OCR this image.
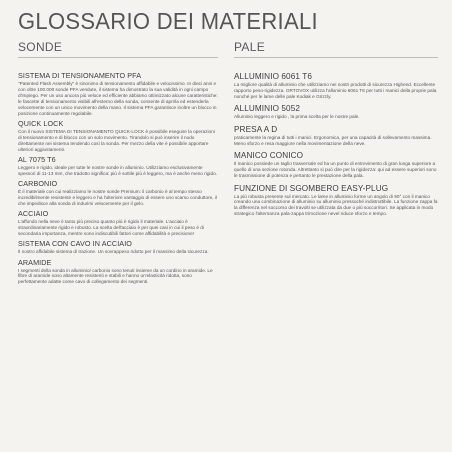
GLOSSARIO DEI MATERIALI
SONDE
SISTEMA DI TENSIONAMENTO PFA
"Patented Flash Assembly" è sinonimo di tensionamento affidabile e velocissimo. In dieci anni e con oltre 100.000 sonde PFA vendute, il sistema ha dimostrato la sua validità in ogni campo d'impiego. Per un uso ancora più veloce ed efficiente abbiamo ottimizzato alcune caratteristiche: le fascette di tensionamento visibili all'esterno della sonda, consente di aprirla ed estenderla velocemente con un unico movimento della mano. Il sistema PFA garantisce inoltre un blocco in posizione continuamente regolabile.
QUICK LOCK
Con il nuovo SISTEMA DI TENSIONAMENTO QUICK-LOCK è possibile eseguire la operazioni di tensionamento e di blocco con un solo movimento. Tirandolo si può inserire il nodo direttamente nei sistema tendendo così la sonda. Per mezzo della vite è possibile apportare ulteriori aggiustamenti.
AL 7075 T6
Leggero e rigido, ideale per tutte le nostre sonde in alluminio. Utilizziamo esclusivamente spessori di 11-13 mm, che tradotto significa: più è sottile più è leggero, ma è anche meno rigido.
CARBONIO
È il materiale con cui realizziamo le nostre sonde Premium: il carbonio è al tempo stesso incredibilmente resistente e leggero e ha l'ulteriore vantaggio di essere uno scarso conduttore, il che impedisce alla sonda di indurirsi velocemente per il gelo.
ACCIAIO
L'affondo nella neve è tanto più preciso quanto più è rigido il materiale. L'acciaio è straordinariamente rigido e robusto. La scelta dell'acciaio è per quei casi in cui il peso è di secondaria importanza, mentre sono indiscutibili fattori come affidabilità e precisione!
SISTEMA CON CAVO IN ACCIAIO
Il nostro affidabile sistema di trazione. Un sovrappeso ridotto per il massimo della sicurezza.
ARAMIDE
I segmenti della sonda in alluminio/ carbonio sono tenuti insieme da un cordino in aramide. Le fibre di aramide sono altamente resistenti e stabili e hanno un'elasticità ridotta, sono perfettamente adatte come cavo di collegamento dei segmenti.
PALE
ALLUMINIO 6061 T6
La migliore qualità di alluminio che utilizziamo nei nostri prodotti di sicurezza Highend. Eccellente rapporto peso-rigidezza. ORTOVOX utilizza l'alluminio 6061 T6 per tutti i manici della proprie pala nonché per le lame delle pale Kodiak e Grizzly.
ALLUMINIO 5052
Alluminio leggero e rigido , la prima scelta per le nostre pale.
PRESA A D
praticamente la regina di tutti i manici. Ergonomica, per una capacità di sollevamento massima. Meno sforzo e resa maggiore nella movimentazione della neve.
MANICO CONICO
Il manico possiede un taglio trasversale ed ha un punto di entrevimento di gran lunga superiore a quello di una sezione rotonda. Altrettanto si può dire per la rigidezza: qui ad essere superiori sono le trasmissione di potenza e pertanto le prestazione della pala.
FUNZIONE DI SGOMBERO EASY-PLUG
La più robusta presente sul mercato. Le lame in alluminio forme un angolo di 90° con il manico creando una combinazione di alluminio su alluminio pressoché indistruttibile. La funzione zappa fa la differenza nel soccorso dei travolti se utilizzata da due o più soccorritori. Se applicata in modo strategico l'alternanza pala-zappa trimozione nevel riduce sforzo e tempo.
